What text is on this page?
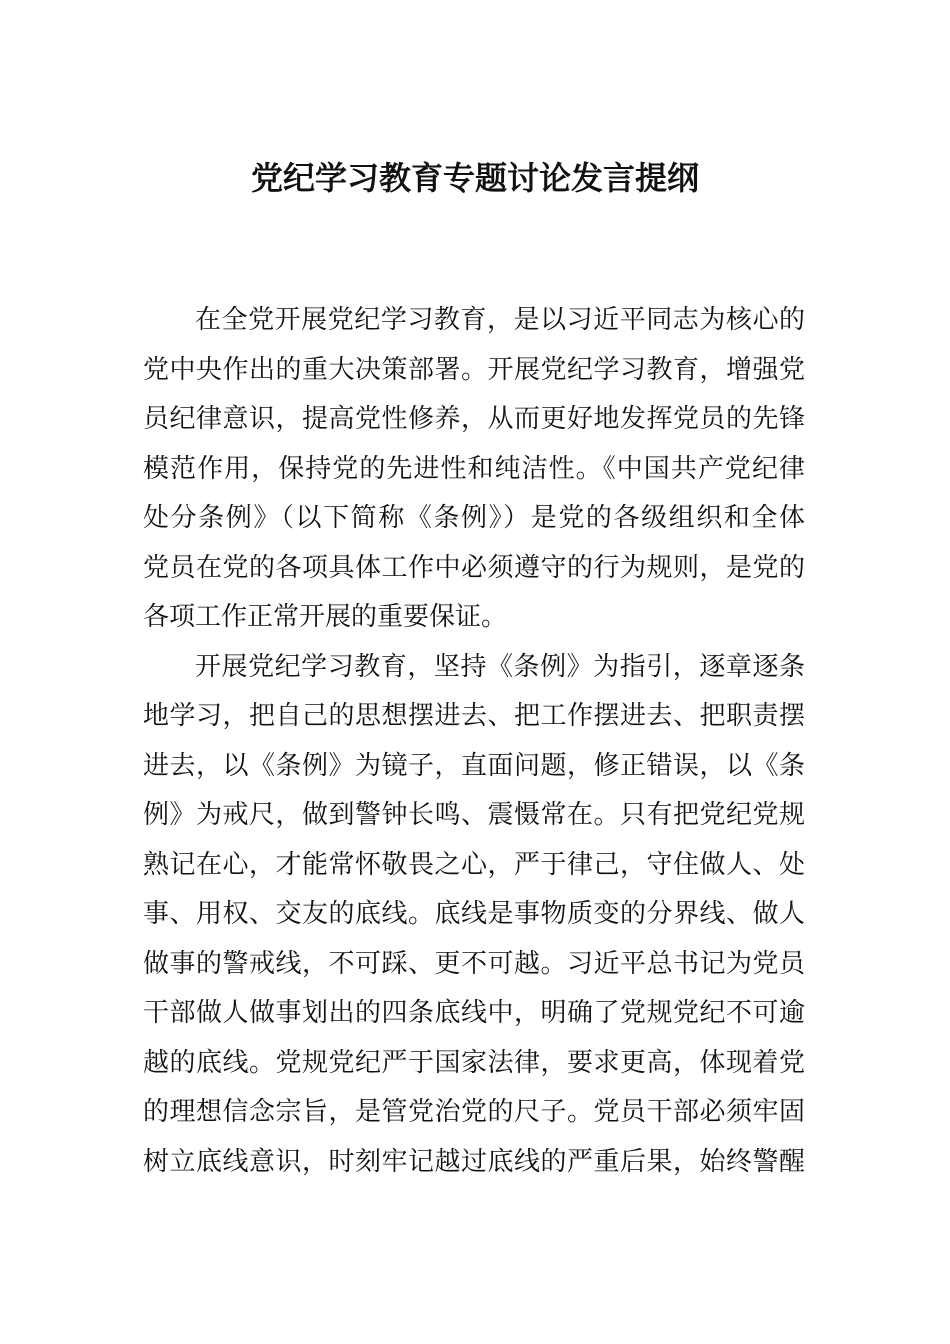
党纪学习教育专题讨论发言提纲
在全党开展党纪学习教育，是以习近平同志为核心的
党中央作出的重大决策部署。开展党纪学习教育，增强党
员纪律意识，提高党性修养，从而更好地发挥党员的先锋
模范作用，保持党的先进性和纯洁性。《中国共产党纪律
处分条例》（以下简称《条例》）是党的各级组织和全体
党员在党的各项具体工作中必须遵守的行为规则，是党的
各项工作正常开展的重要保证。
开展党纪学习教育，坚持《条例》为指引，逐章逐条
地学习，把自己的思想摆进去、把工作摆进去、把职责摆
进去，以《条例》为镜子，直面问题，修正错误，以《条
例》为戒尺，做到警钟长鸣、震慑常在。只有把党纪党规
熟记在心，才能常怀敬畏之心，严于律己，守住做人、处
事、用权、交友的底线。底线是事物质变的分界线、做人
做事的警戒线，不可踩、更不可越。习近平总书记为党员
干部做人做事划出的四条底线中，明确了党规党纪不可逾
越的底线。党规党纪严于国家法律，要求更高，体现着党
的理想信念宗旨，是管党治党的尺子。党员干部必须牢固
树立底线意识，时刻牢记越过底线的严重后果，始终警醒
